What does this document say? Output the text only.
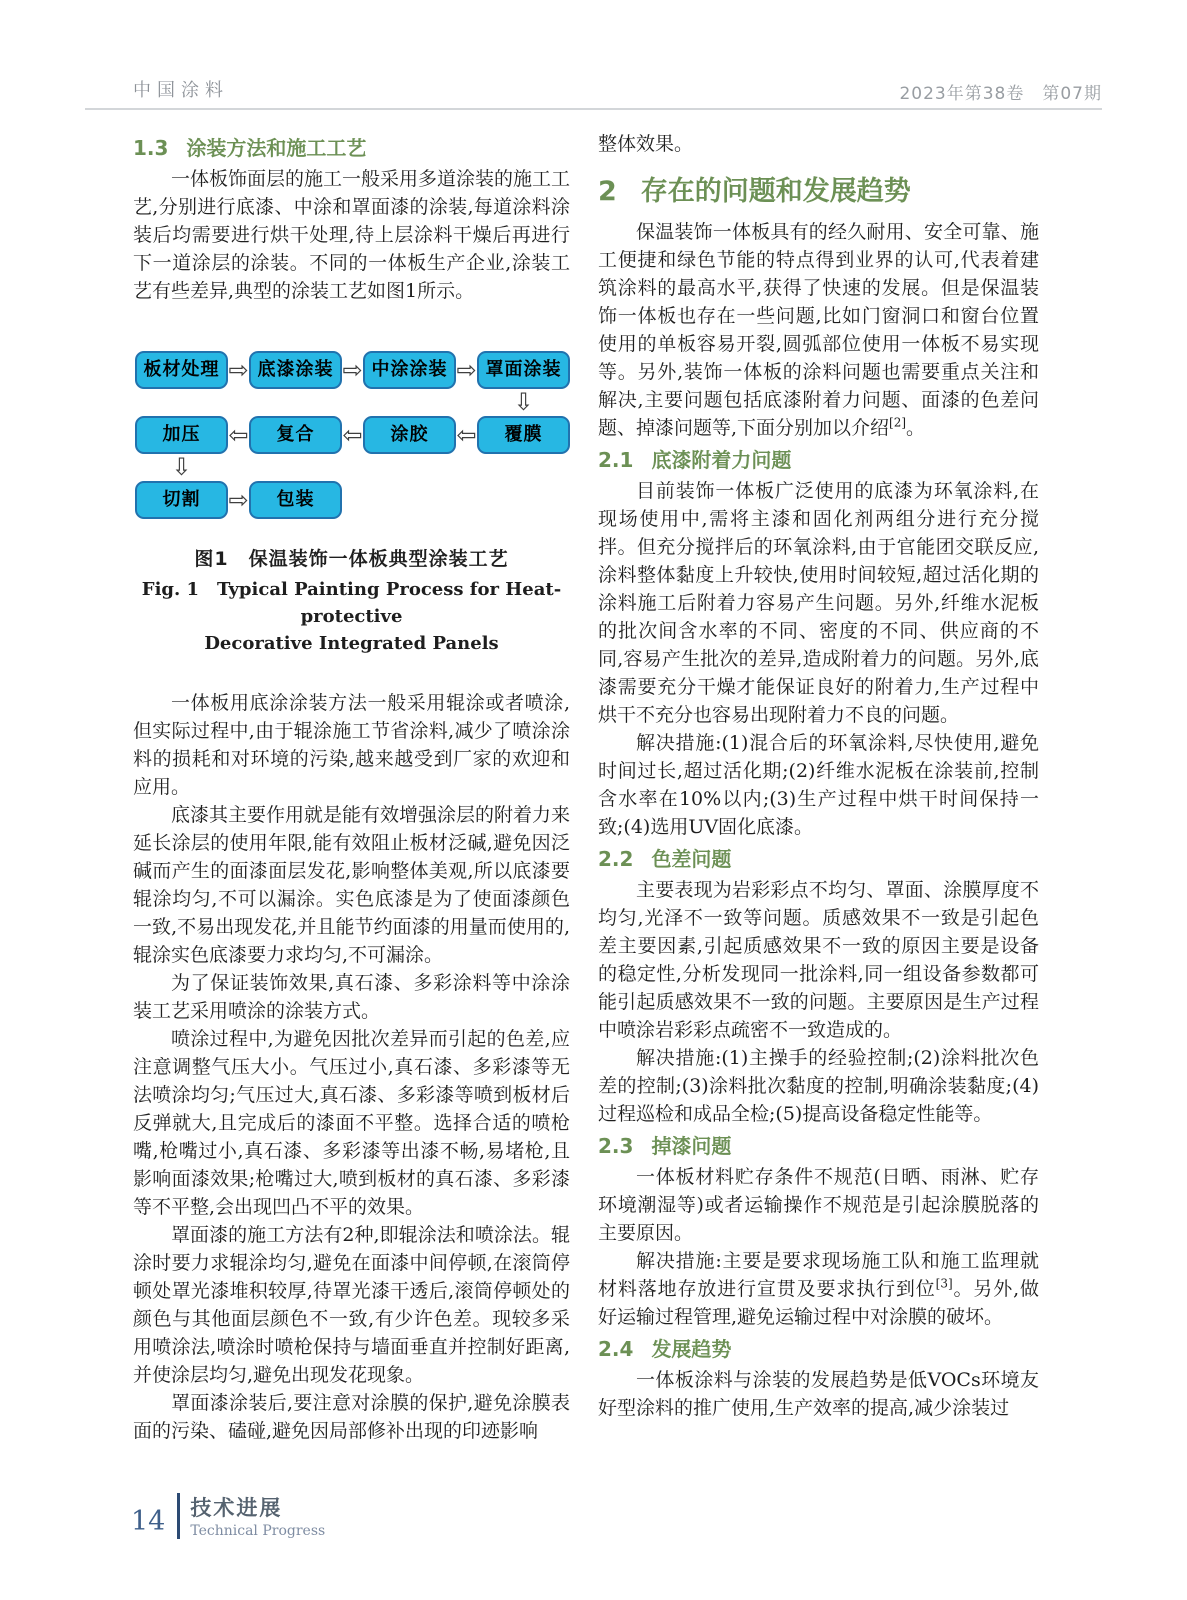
中国涂料	2023年第38卷　第07期
1.3 涂装方法和施工工艺

一体板饰面层的施工一般采用多道涂装的施工工艺,分别进行底漆、中涂和罩面漆的涂装,每道涂料涂装后均需要进行烘干处理,待上层涂料干燥后再进行下一道涂层的涂装。不同的一体板生产企业,涂装工艺有些差异,典型的涂装工艺如图1所示。

板材处理 ⇨ 底漆涂装 ⇨ 中涂涂装 ⇨ 罩面涂装
⇩
加压	⇦	复合	⇦	涂胶	⇦	覆膜
⇩
切割	⇨	包装
图1　保温装饰一体板典型涂装工艺
Fig. 1　Typical Painting Process for Heat-protective
Decorative Integrated Panels

一体板用底涂涂装方法一般采用辊涂或者喷涂,但实际过程中,由于辊涂施工节省涂料,减少了喷涂涂料的损耗和对环境的污染,越来越受到厂家的欢迎和应用。

底漆其主要作用就是能有效增强涂层的附着力来延长涂层的使用年限,能有效阻止板材泛碱,避免因泛碱而产生的面漆面层发花,影响整体美观,所以底漆要辊涂均匀,不可以漏涂。实色底漆是为了使面漆颜色一致,不易出现发花,并且能节约面漆的用量而使用的,辊涂实色底漆要力求均匀,不可漏涂。

为了保证装饰效果,真石漆、多彩涂料等中涂涂装工艺采用喷涂的涂装方式。

喷涂过程中,为避免因批次差异而引起的色差,应注意调整气压大小。气压过小,真石漆、多彩漆等无法喷涂均匀;气压过大,真石漆、多彩漆等喷到板材后反弹就大,且完成后的漆面不平整。选择合适的喷枪嘴,枪嘴过小,真石漆、多彩漆等出漆不畅,易堵枪,且影响面漆效果;枪嘴过大,喷到板材的真石漆、多彩漆等不平整,会出现凹凸不平的效果。

罩面漆的施工方法有2种,即辊涂法和喷涂法。辊涂时要力求辊涂均匀,避免在面漆中间停顿,在滚筒停顿处罩光漆堆积较厚,待罩光漆干透后,滚筒停顿处的颜色与其他面层颜色不一致,有少许色差。现较多采用喷涂法,喷涂时喷枪保持与墙面垂直并控制好距离,并使涂层均匀,避免出现发花现象。

罩面漆涂装后,要注意对涂膜的保护,避免涂膜表面的污染、磕碰,避免因局部修补出现的印迹影响

整体效果。

2 存在的问题和发展趋势

保温装饰一体板具有的经久耐用、安全可靠、施工便捷和绿色节能的特点得到业界的认可,代表着建筑涂料的最高水平,获得了快速的发展。但是保温装饰一体板也存在一些问题,比如门窗洞口和窗台位置使用的单板容易开裂,圆弧部位使用一体板不易实现等。另外,装饰一体板的涂料问题也需要重点关注和解决,主要问题包括底漆附着力问题、面漆的色差问题、掉漆问题等,下面分别加以介绍[2]。

2.1 底漆附着力问题

目前装饰一体板广泛使用的底漆为环氧涂料,在现场使用中,需将主漆和固化剂两组分进行充分搅拌。但充分搅拌后的环氧涂料,由于官能团交联反应,涂料整体黏度上升较快,使用时间较短,超过活化期的涂料施工后附着力容易产生问题。另外,纤维水泥板的批次间含水率的不同、密度的不同、供应商的不同,容易产生批次的差异,造成附着力的问题。另外,底漆需要充分干燥才能保证良好的附着力,生产过程中烘干不充分也容易出现附着力不良的问题。

解决措施:(1)混合后的环氧涂料,尽快使用,避免时间过长,超过活化期;(2)纤维水泥板在涂装前,控制含水率在10%以内;(3)生产过程中烘干时间保持一致;(4)选用UV固化底漆。

2.2 色差问题

主要表现为岩彩彩点不均匀、罩面、涂膜厚度不均匀,光泽不一致等问题。质感效果不一致是引起色差主要因素,引起质感效果不一致的原因主要是设备的稳定性,分析发现同一批涂料,同一组设备参数都可能引起质感效果不一致的问题。主要原因是生产过程中喷涂岩彩彩点疏密不一致造成的。

解决措施:(1)主操手的经验控制;(2)涂料批次色差的控制;(3)涂料批次黏度的控制,明确涂装黏度;(4)过程巡检和成品全检;(5)提高设备稳定性能等。

2.3 掉漆问题

一体板材料贮存条件不规范(日晒、雨淋、贮存环境潮湿等)或者运输操作不规范是引起涂膜脱落的主要原因。

解决措施:主要是要求现场施工队和施工监理就材料落地存放进行宣贯及要求执行到位[3]。另外,做好运输过程管理,避免运输过程中对涂膜的破坏。

2.4 发展趋势

一体板涂料与涂装的发展趋势是低VOCs环境友好型涂料的推广使用,生产效率的提高,减少涂装过

14 技术进展
Technical Progress
